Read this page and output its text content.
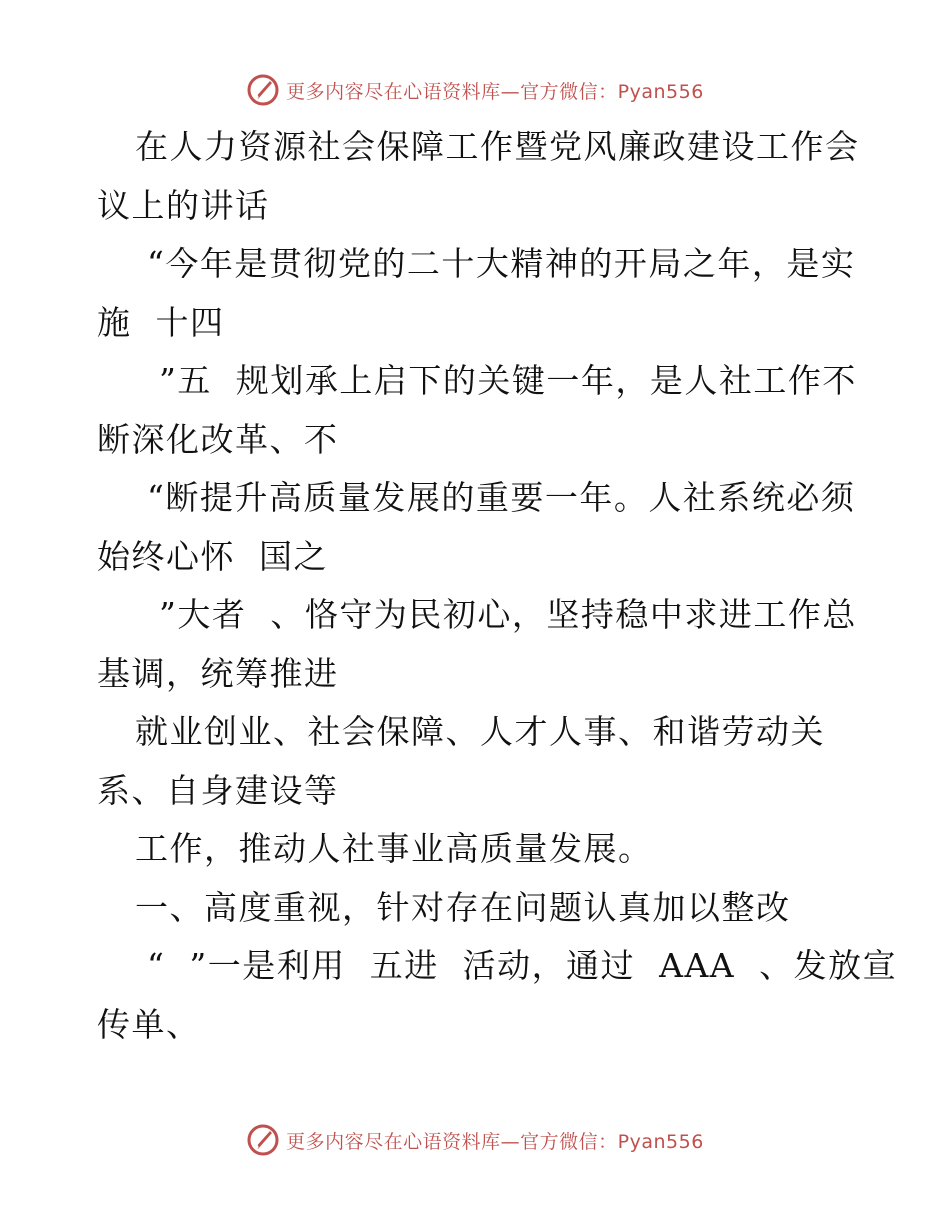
更多内容尽在心语资料库—官方微信：Pyan556
在人力资源社会保障工作暨党风廉政建设工作会
议上的讲话
“今年是贯彻党的二十大精神的开局之年，是实
施  十四
”五  规划承上启下的关键一年，是人社工作不
断深化改革、不
“断提升高质量发展的重要一年。人社系统必须
始终心怀  国之
”大者  、恪守为民初心，坚持稳中求进工作总
基调，统筹推进
就业创业、社会保障、人才人事、和谐劳动关
系、自身建设等
工作，推动人社事业高质量发展。
一、高度重视，针对存在问题认真加以整改
“  ”一是利用  五进  活动，通过  AAA  、发放宣
传单、
更多内容尽在心语资料库—官方微信：Pyan556
